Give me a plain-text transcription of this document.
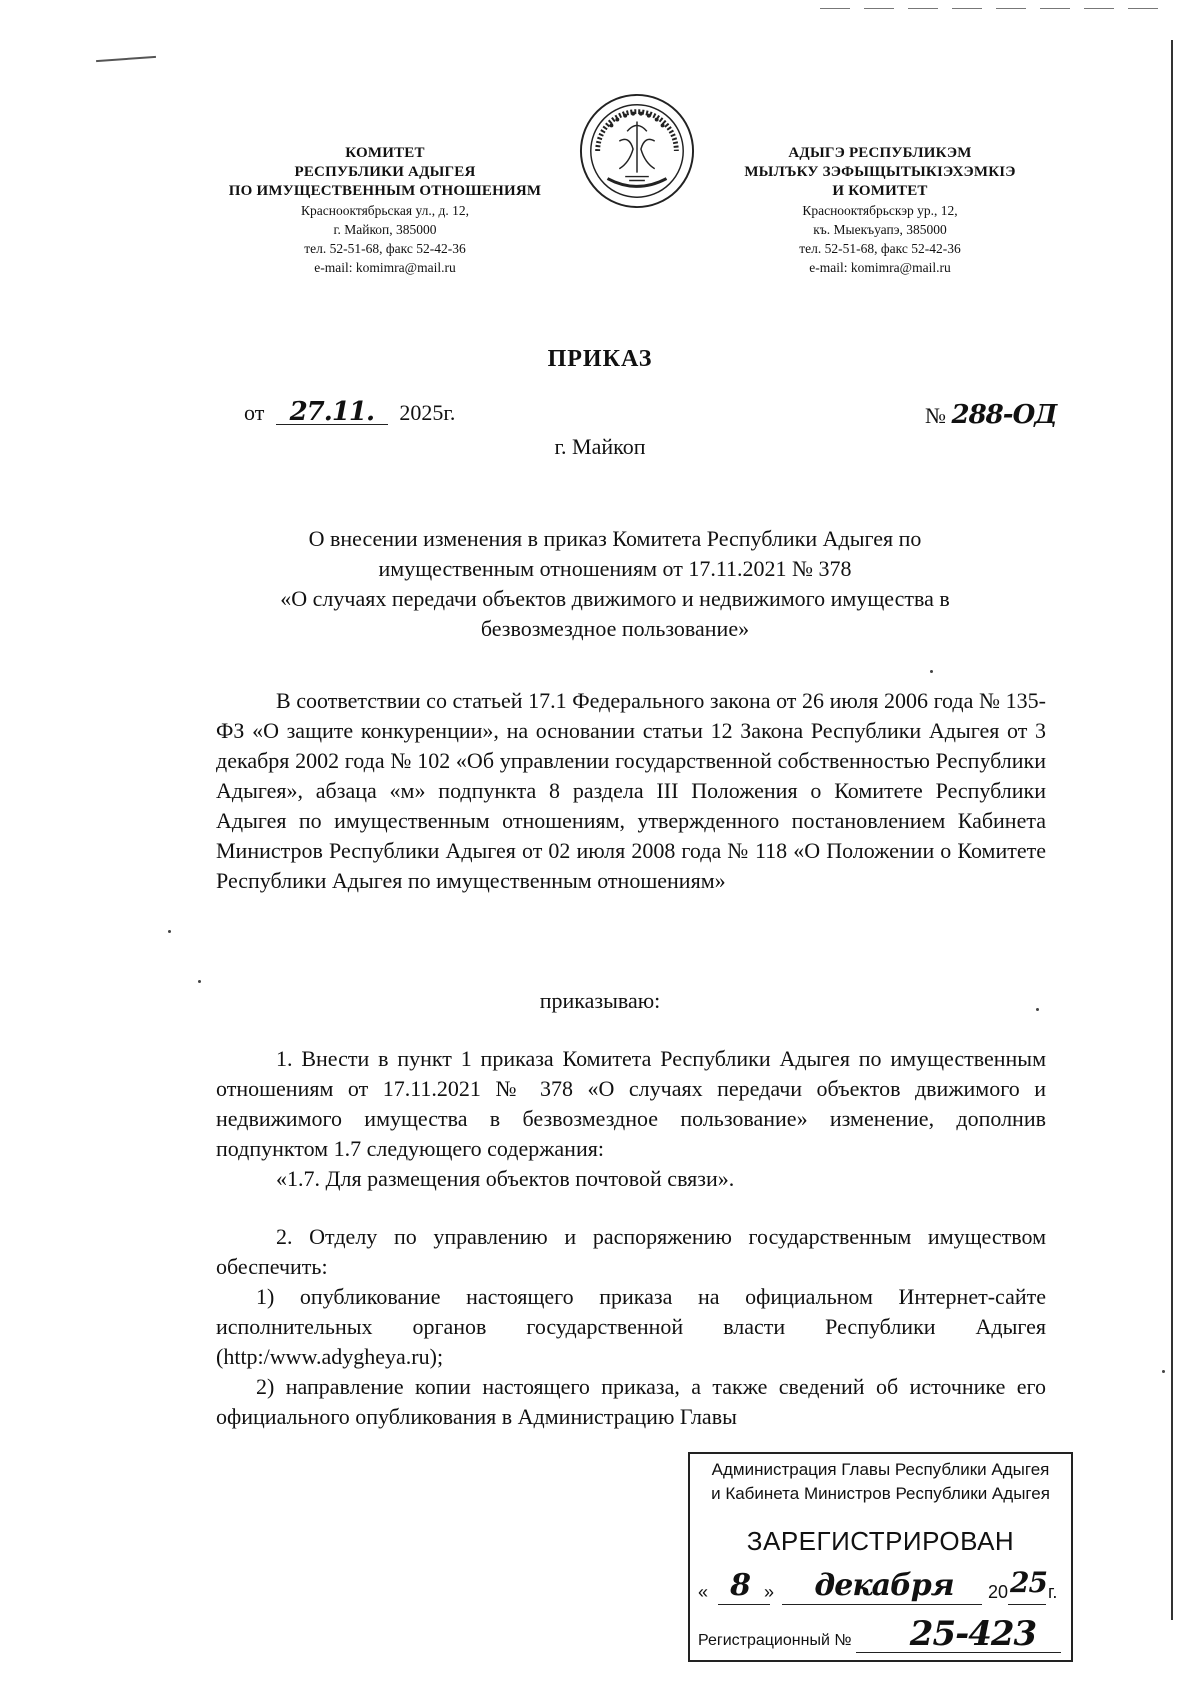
КОМИТЕТ
РЕСПУБЛИКИ АДЫГЕЯ
ПО ИМУЩЕСТВЕННЫМ ОТНОШЕНИЯМ
Краснооктябрьская ул., д. 12,
г. Майкоп, 385000
тел. 52-51-68, факс 52-42-36
e-mail: komimra@mail.ru
АДЫГЭ РЕСПУБЛИКЭМ
МЫЛЪКУ ЗЭФЫЩЫТЫКIЭХЭМКIЭ
И КОМИТЕТ
Краснооктябрьскэр ур., 12,
къ. Мыекъуапэ, 385000
тел. 52-51-68, факс 52-42-36
e-mail: komimra@mail.ru
ПРИКАЗ
от 27.11. 2025г.	№ 288-ОД
г. Майкоп
О внесении изменения в приказ Комитета Республики Адыгея по
имущественным отношениям от 17.11.2021 № 378
«О случаях передачи объектов движимого и недвижимого имущества в
безвозмездное пользование»
В соответствии со статьей 17.1 Федерального закона от 26 июля 2006 года № 135-ФЗ «О защите конкуренции», на основании статьи 12 Закона Республики Адыгея от 3 декабря 2002 года № 102 «Об управлении государственной собственностью Республики Адыгея», абзаца «м» подпункта 8 раздела III Положения о Комитете Республики Адыгея по имущественным отношениям, утвержденного постановлением Кабинета Министров Республики Адыгея от 02 июля 2008 года № 118 «О Положении о Комитете Республики Адыгея по имущественным отношениям»
приказываю:

1. Внести в пункт 1 приказа Комитета Республики Адыгея по имущественным отношениям от 17.11.2021 № 378 «О случаях передачи объектов движимого и недвижимого имущества в безвозмездное пользование» изменение, дополнив подпунктом 1.7 следующего содержания:

«1.7. Для размещения объектов почтовой связи».

2. Отделу по управлению и распоряжению государственным имуществом обеспечить:

1) опубликование настоящего приказа на официальном Интернет-сайте исполнительных органов государственной власти Республики Адыгея (http:/www.adygheya.ru);

2) направление копии настоящего приказа, а также сведений об источнике его официального опубликования в Администрацию Главы

Администрация Главы Республики Адыгея
и Кабинета Министров Республики Адыгея
ЗАРЕГИСТРИРОВАН
« 8 »	декабря	20 25 г.
Регистрационный №	25-423
